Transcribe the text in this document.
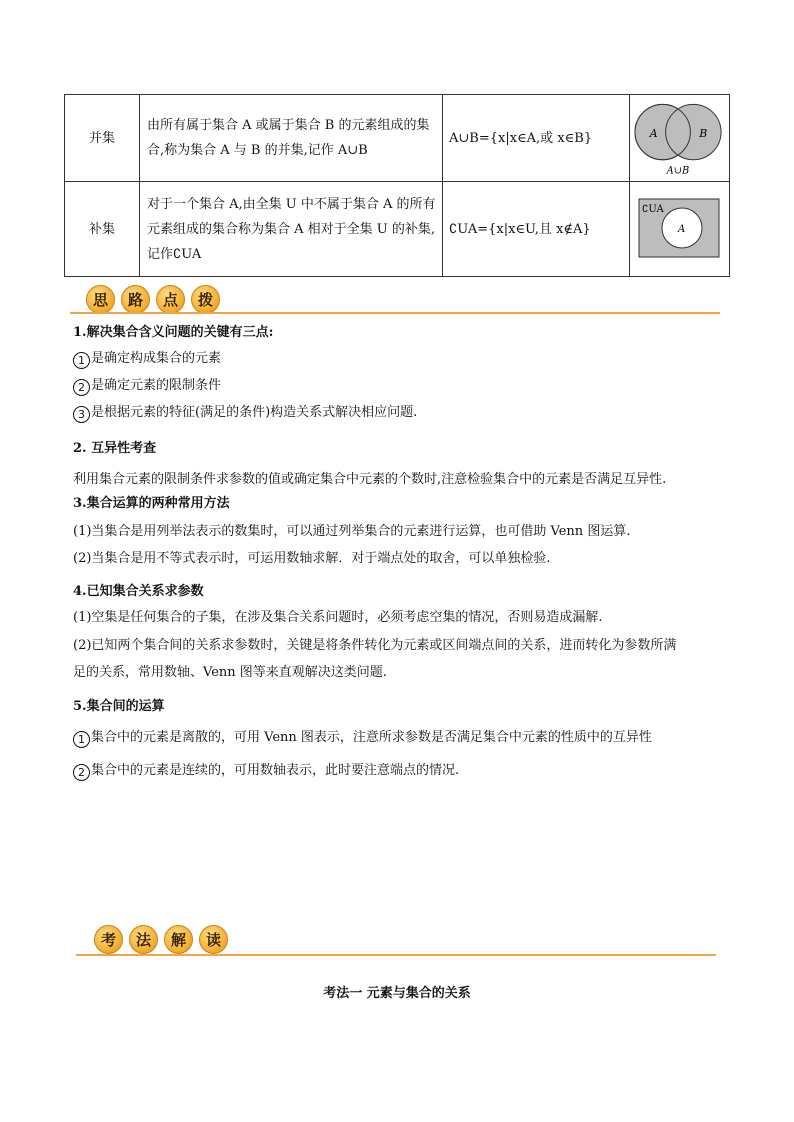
并集	由所有属于集合 A 或属于集合 B 的元素组成的集合,称为集合 A 与 B 的并集,记作 A∪B	A∪B={x|x∈A,或 x∈B}	A B
A∪B

补集	对于一个集合 A,由全集 U 中不属于集合 A 的所有元素组成的集合称为集合 A 相对于全集 U 的补集,记作∁UA	∁UA={x|x∈U,且 x∉A}	∁UA
A
思	路	点	拨
1.解决集合含义问题的关键有三点:
1 是确定构成集合的元素
2 是确定元素的限制条件
3 是根据元素的特征(满足的条件)构造关系式解决相应问题.
2. 互异性考查
利用集合元素的限制条件求参数的值或确定集合中元素的个数时,注意检验集合中的元素是否满足互异性.
3.集合运算的两种常用方法
(1)当集合是用列举法表示的数集时，可以通过列举集合的元素进行运算，也可借助 Venn 图运算.
(2)当集合是用不等式表示时，可运用数轴求解．对于端点处的取舍，可以单独检验.
4.已知集合关系求参数
(1)空集是任何集合的子集，在涉及集合关系问题时，必须考虑空集的情况，否则易造成漏解.
(2)已知两个集合间的关系求参数时，关键是将条件转化为元素或区间端点间的关系，进而转化为参数所满
足的关系，常用数轴、Venn 图等来直观解决这类问题.
5.集合间的运算
1 集合中的元素是离散的，可用 Venn 图表示，注意所求参数是否满足集合中元素的性质中的互异性
2 集合中的元素是连续的，可用数轴表示，此时要注意端点的情况.
考	法	解	读
考法一 元素与集合的关系
